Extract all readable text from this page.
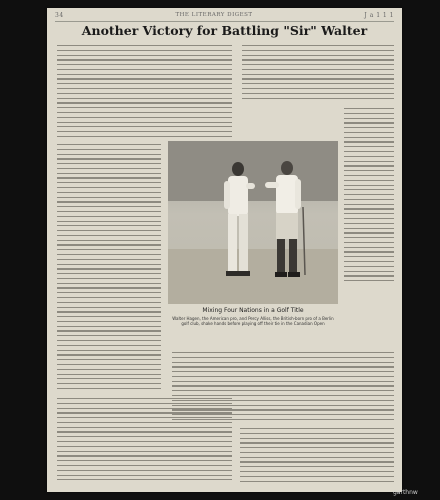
34	THE LITERARY DIGEST	J a 1 1 1
Another Victory for Battling "Sir" Walter
Mixing Four Nations in a Golf Title
Walter Hagen, the American pro, and Percy Alliss, the British-born pro of a Berlin golf club, shake hands before playing off their tie in the Canadian Open
garthnw
